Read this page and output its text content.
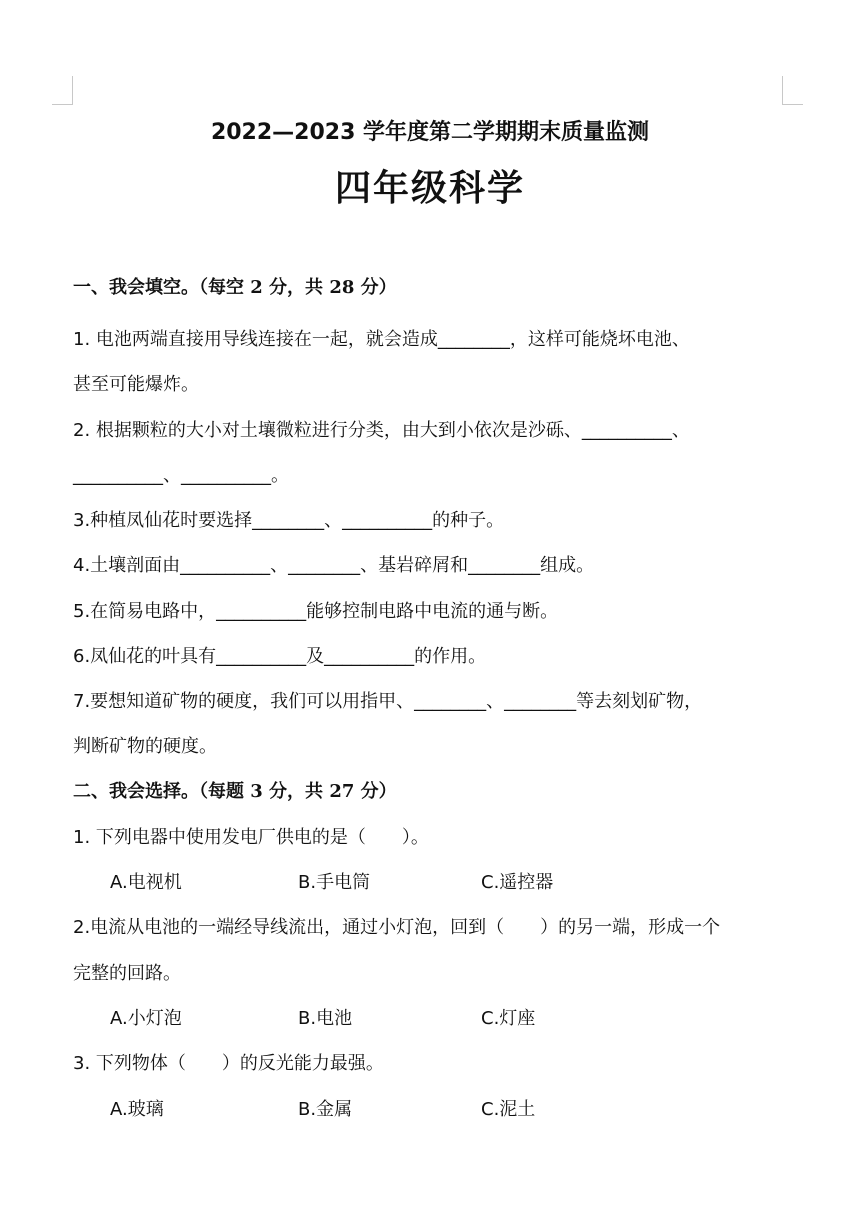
2022—2023 学年度第二学期期末质量监测
四年级科学
一、我会填空。（每空 2 分，共 28 分）
1. 电池两端直接用导线连接在一起，就会造成________，这样可能烧坏电池、
甚至可能爆炸。
2. 根据颗粒的大小对土壤微粒进行分类，由大到小依次是沙砾、__________、
__________、__________。
3.种植凤仙花时要选择________、__________的种子。
4.土壤剖面由__________、________、基岩碎屑和________组成。
5.在简易电路中，__________能够控制电路中电流的通与断。
6.凤仙花的叶具有__________及__________的作用。
7.要想知道矿物的硬度，我们可以用指甲、________、________等去刻划矿物，
判断矿物的硬度。
二、我会选择。（每题 3 分，共 27 分）
1. 下列电器中使用发电厂供电的是（　　）。
A.电视机	B.手电筒	C.遥控器
2.电流从电池的一端经导线流出，通过小灯泡，回到（　　）的另一端，形成一个
完整的回路。
A.小灯泡	B.电池	C.灯座
3. 下列物体（　　）的反光能力最强。
A.玻璃	B.金属	C.泥土
